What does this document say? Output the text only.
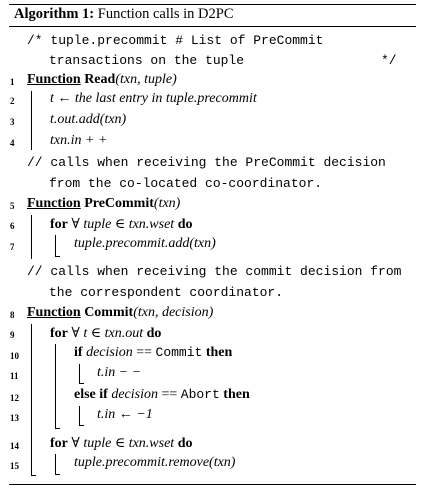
Algorithm 1: Function calls in D2PC
/* tuple.precommit # List of PreCommit
transactions on the tuple	*/
1 Function Read(txn, tuple)
2	t ← the last entry in tuple.precommit
3	t.out.add(txn)
4	txn.in + +
// calls when receiving the PreCommit decision
from the co-located co-coordinator.
5 Function PreCommit(txn)
6	for ∀ tuple ∈ txn.wset do
7	tuple.precommit.add(txn)
// calls when receiving the commit decision from
the correspondent coordinator.
8 Function Commit(txn, decision)
9	for ∀ t ∈ txn.out do
10	if decision == Commit then
11	t.in − −
12	else if decision == Abort then
13	t.in ← −1
14 for ∀ tuple ∈ txn.wset do
15	tuple.precommit.remove(txn)
